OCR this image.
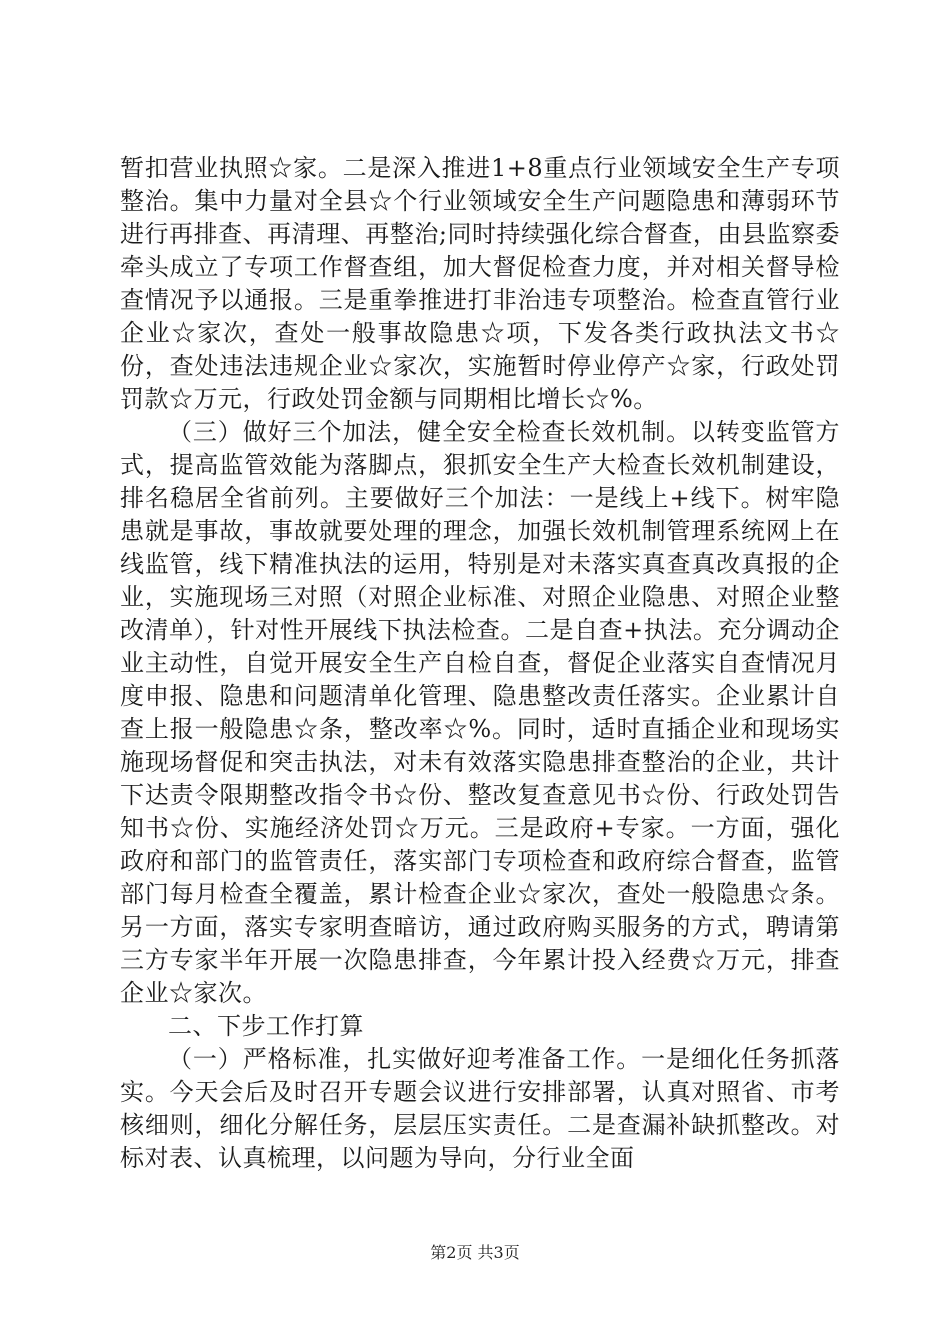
暂扣营业执照☆家。二是深入推进1+8重点行业领域安全生产专项整治。集中力量对全县☆个行业领域安全生产问题隐患和薄弱环节进行再排查、再清理、再整治;同时持续强化综合督查，由县监察委牵头成立了专项工作督查组，加大督促检查力度，并对相关督导检查情况予以通报。三是重拳推进打非治违专项整治。检查直管行业企业☆家次，查处一般事故隐患☆项，下发各类行政执法文书☆份，查处违法违规企业☆家次，实施暂时停业停产☆家，行政处罚罚款☆万元，行政处罚金额与同期相比增长☆%。

（三）做好三个加法，健全安全检查长效机制。以转变监管方式，提高监管效能为落脚点，狠抓安全生产大检查长效机制建设，排名稳居全省前列。主要做好三个加法：一是线上+线下。树牢隐患就是事故，事故就要处理的理念，加强长效机制管理系统网上在线监管，线下精准执法的运用，特别是对未落实真查真改真报的企业，实施现场三对照（对照企业标准、对照企业隐患、对照企业整改清单），针对性开展线下执法检查。二是自查+执法。充分调动企业主动性，自觉开展安全生产自检自查，督促企业落实自查情况月度申报、隐患和问题清单化管理、隐患整改责任落实。企业累计自查上报一般隐患☆条，整改率☆%。同时，适时直插企业和现场实施现场督促和突击执法，对未有效落实隐患排查整治的企业，共计下达责令限期整改指令书☆份、整改复查意见书☆份、行政处罚告知书☆份、实施经济处罚☆万元。三是政府+专家。一方面，强化政府和部门的监管责任，落实部门专项检查和政府综合督查，监管部门每月检查全覆盖，累计检查企业☆家次，查处一般隐患☆条。另一方面，落实专家明查暗访，通过政府购买服务的方式，聘请第三方专家半年开展一次隐患排查，今年累计投入经费☆万元，排查企业☆家次。

二、下步工作打算

（一）严格标准，扎实做好迎考准备工作。一是细化任务抓落实。今天会后及时召开专题会议进行安排部署，认真对照省、市考核细则，细化分解任务，层层压实责任。二是查漏补缺抓整改。对标对表、认真梳理，以问题为导向，分行业全面

第2页 共3页
